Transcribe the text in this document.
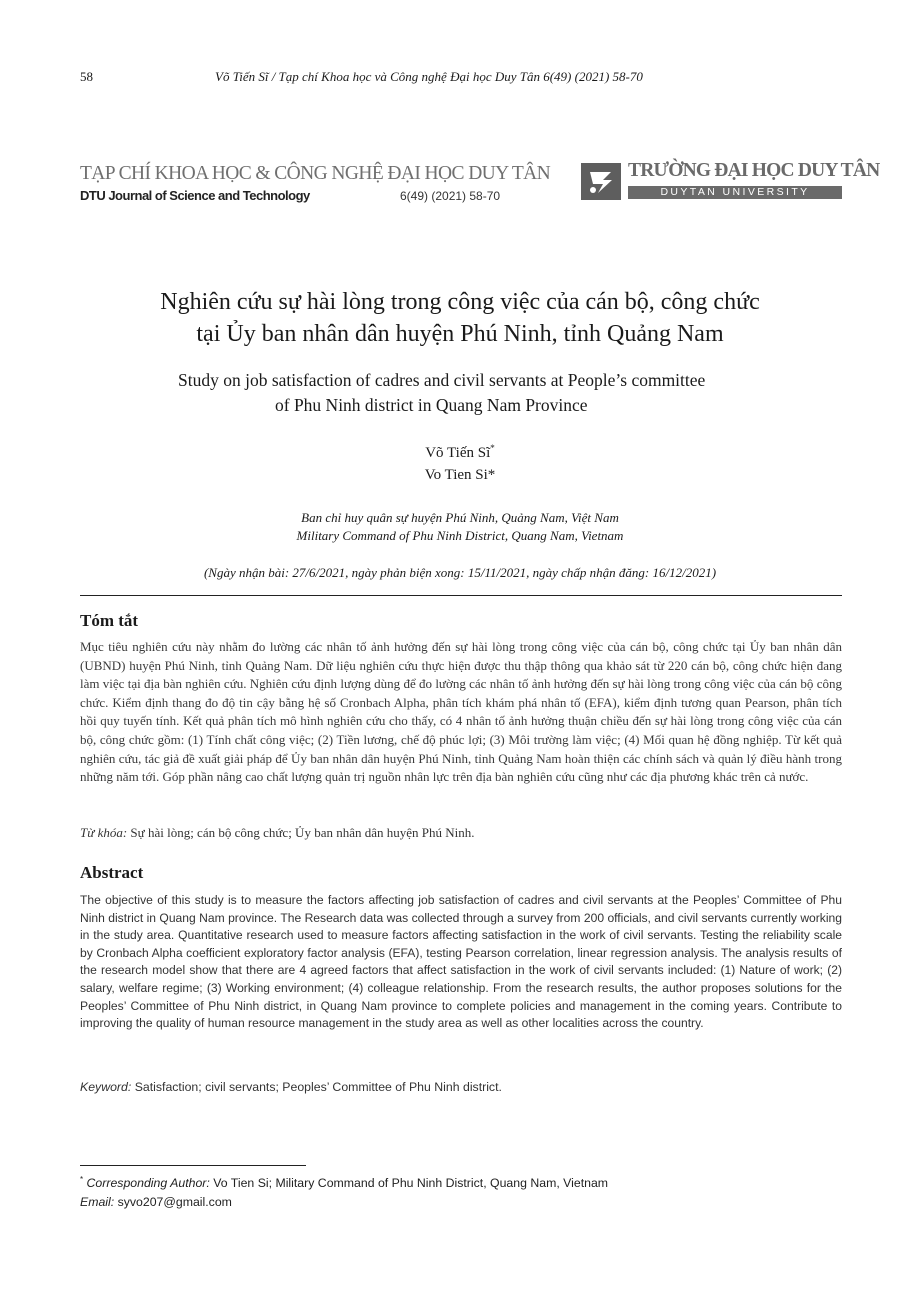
58	Võ Tiến Sĩ / Tạp chí Khoa học và Công nghệ Đại học Duy Tân 6(49) (2021) 58-70
TẠP CHÍ KHOA HỌC & CÔNG NGHỆ ĐẠI HỌC DUY TÂN
DTU Journal of Science and Technology	6(49) (2021) 58-70
TRƯỜNG ĐẠI HỌC DUY TÂN
DUYTAN UNIVERSITY
Nghiên cứu sự hài lòng trong công việc của cán bộ, công chức
tại Ủy ban nhân dân huyện Phú Ninh, tỉnh Quảng Nam
Study on job satisfaction of cadres and civil servants at People’s committee
of Phu Ninh district in Quang Nam Province
Võ Tiến Sĩ*
Vo Tien Si*
Ban chỉ huy quân sự huyện Phú Ninh, Quảng Nam, Việt Nam
Military Command of Phu Ninh District, Quang Nam, Vietnam
(Ngày nhận bài: 27/6/2021, ngày phản biện xong: 15/11/2021, ngày chấp nhận đăng: 16/12/2021)
Tóm tắt
Mục tiêu nghiên cứu này nhằm đo lường các nhân tố ảnh hưởng đến sự hài lòng trong công việc của cán bộ, công chức tại Ủy ban nhân dân (UBND) huyện Phú Ninh, tỉnh Quảng Nam. Dữ liệu nghiên cứu thực hiện được thu thập thông qua khảo sát từ 220 cán bộ, công chức hiện đang làm việc tại địa bàn nghiên cứu. Nghiên cứu định lượng dùng để đo lường các nhân tố ảnh hưởng đến sự hài lòng trong công việc của cán bộ công chức. Kiểm định thang đo độ tin cậy bằng hệ số Cronbach Alpha, phân tích khám phá nhân tố (EFA), kiểm định tương quan Pearson, phân tích hồi quy tuyến tính. Kết quả phân tích mô hình nghiên cứu cho thấy, có 4 nhân tố ảnh hưởng thuận chiều đến sự hài lòng trong công việc của cán bộ, công chức gồm: (1) Tính chất công việc; (2) Tiền lương, chế độ phúc lợi; (3) Môi trường làm việc; (4) Mối quan hệ đồng nghiệp. Từ kết quả nghiên cứu, tác giả đề xuất giải pháp để Ủy ban nhân dân huyện Phú Ninh, tỉnh Quảng Nam hoàn thiện các chính sách và quản lý điều hành trong những năm tới. Góp phần nâng cao chất lượng quản trị nguồn nhân lực trên địa bàn nghiên cứu cũng như các địa phương khác trên cả nước.
Từ khóa: Sự hài lòng; cán bộ công chức; Ủy ban nhân dân huyện Phú Ninh.
Abstract
The objective of this study is to measure the factors affecting job satisfaction of cadres and civil servants at the Peoples’ Committee of Phu Ninh district in Quang Nam province. The Research data was collected through a survey from 200 officials, and civil servants currently working in the study area. Quantitative research used to measure factors affecting satisfaction in the work of civil servants. Testing the reliability scale by Cronbach Alpha coefficient exploratory factor analysis (EFA), testing Pearson correlation, linear regression analysis. The analysis results of the research model show that there are 4 agreed factors that affect satisfaction in the work of civil servants included: (1) Nature of work; (2) salary, welfare regime; (3) Working environment; (4) colleague relationship. From the research results, the author proposes solutions for the Peoples’ Committee of Phu Ninh district, in Quang Nam province to complete policies and management in the coming years. Contribute to improving the quality of human resource management in the study area as well as other localities across the country.
Keyword: Satisfaction; civil servants; Peoples’ Committee of Phu Ninh district.
* Corresponding Author: Vo Tien Si; Military Command of Phu Ninh District, Quang Nam, Vietnam
Email: syvo207@gmail.com
